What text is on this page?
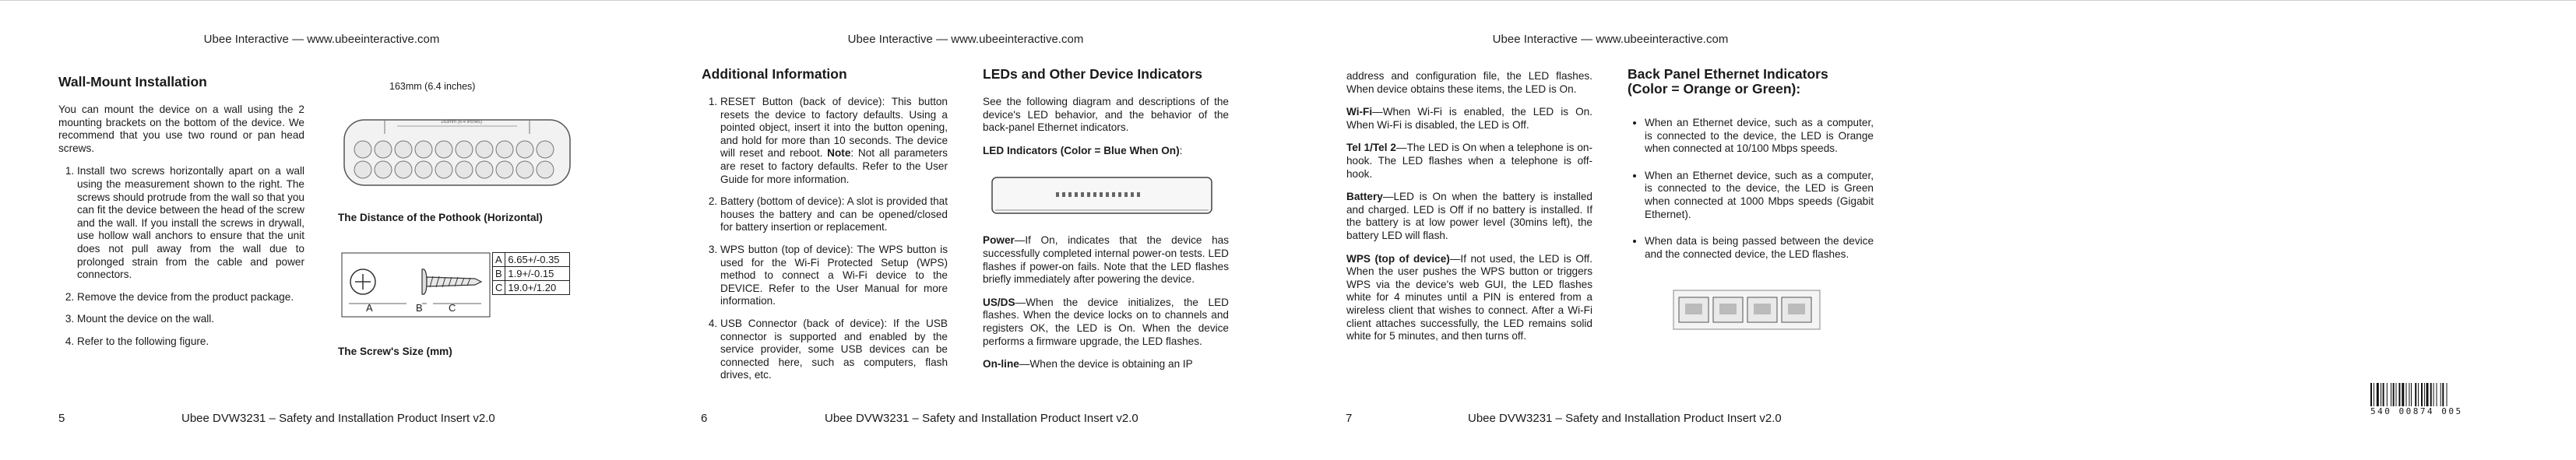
Ubee Interactive — www.ubeeinteractive.com
Wall-Mount Installation

You can mount the device on a wall using the 2 mounting brackets on the bottom of the device. We recommend that you use two round or pan head screws.

1. Install two screws horizontally apart on a wall using the measurement shown to the right. The screws should protrude from the wall so that you can fit the device between the head of the screw and the wall. If you install the screws in drywall, use hollow wall anchors to ensure that the unit does not pull away from the wall due to prolonged strain from the cable and power connectors.
2. Remove the device from the product package.
3. Mount the device on the wall.
4. Refer to the following figure.
163mm (6.4 inches)
163mm (6.4 inches)
The Distance of the Pothook (Horizontal)
A	B	C
A	6.65+/-0.35
B	1.9+/-0.15
C	19.0+/1.20
The Screw's Size (mm)
5	Ubee DVW3231 – Safety and Installation Product Insert v2.0
Ubee Interactive — www.ubeeinteractive.com
Additional Information
1. RESET Button (back of device): This button resets the device to factory defaults. Using a pointed object, insert it into the button opening, and hold for more than 10 seconds. The device will reset and reboot. Note: Not all parameters are reset to factory defaults. Refer to the User Guide for more information.
2. Battery (bottom of device): A slot is provided that houses the battery and can be opened/closed for battery insertion or replacement.
3. WPS button (top of device): The WPS button is used for the Wi-Fi Protected Setup (WPS) method to connect a Wi-Fi device to the DEVICE. Refer to the User Manual for more information.
4. USB Connector (back of device): If the USB connector is supported and enabled by the service provider, some USB devices can be connected here, such as computers, flash drives, etc.
LEDs and Other Device Indicators

See the following diagram and descriptions of the device's LED behavior, and the behavior of the back-panel Ethernet indicators.

LED Indicators (Color = Blue When On):

Power—If On, indicates that the device has successfully completed internal power-on tests. LED flashes if power-on fails. Note that the LED flashes briefly immediately after powering the device.

US/DS—When the device initializes, the LED flashes. When the device locks on to channels and registers OK, the LED is On. When the device performs a firmware upgrade, the LED flashes.

On-line—When the device is obtaining an IP

6	Ubee DVW3231 – Safety and Installation Product Insert v2.0
Ubee Interactive — www.ubeeinteractive.com

address and configuration file, the LED flashes. When device obtains these items, the LED is On.

Wi-Fi—When Wi-Fi is enabled, the LED is On. When Wi-Fi is disabled, the LED is Off.

Tel 1/Tel 2—The LED is On when a telephone is on-hook. The LED flashes when a telephone is off-hook.

Battery—LED is On when the battery is installed and charged. LED is Off if no battery is installed. If the battery is at low power level (30mins left), the battery LED will flash.

WPS (top of device)—If not used, the LED is Off. When the user pushes the WPS button or triggers WPS via the device's web GUI, the LED flashes white for 4 minutes until a PIN is entered from a wireless client that wishes to connect. After a Wi-Fi client attaches successfully, the LED remains solid white for 5 minutes, and then turns off.

Back Panel Ethernet Indicators
(Color = Orange or Green):
• When an Ethernet device, such as a computer, is connected to the device, the LED is Orange when connected at 10/100 Mbps speeds.
• When an Ethernet device, such as a computer, is connected to the device, the LED is Green when connected at 1000 Mbps speeds (Gigabit Ethernet).
• When data is being passed between the device and the connected device, the LED flashes.
7	Ubee DVW3231 – Safety and Installation Product Insert v2.0
540 00874 005
